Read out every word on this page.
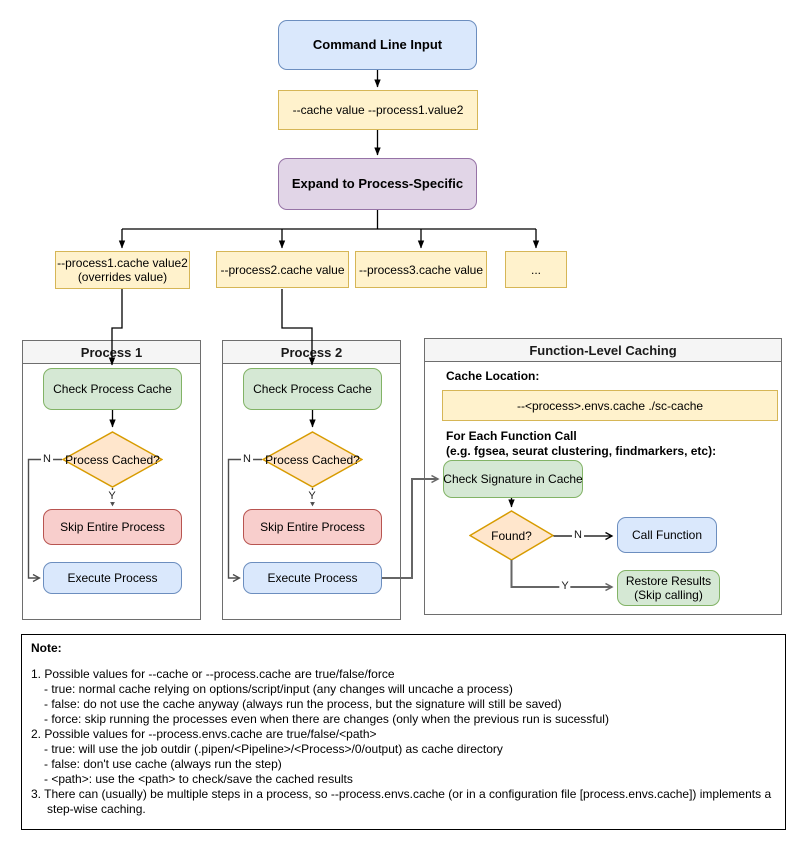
Process 1	Process 2	Function-Level Caching
Command Line Input
--cache value --process1.value2
Expand to Process-Specific
--process1.cache value2
(overrides value)
--process2.cache value	--process3.cache value	...
Check Process Cache
Process Cached?
Skip Entire Process
Execute Process
Check Process Cache
Process Cached?
Skip Entire Process
Execute Process
Cache Location:
--<process>.envs.cache ./sc-cache
For Each Function Call
(e.g. fgsea, seurat clustering, findmarkers, etc):
Check Signature in Cache
Found?	Call Function
Restore Results
(Skip calling)
N
Y
N
Y
N
Y
Note:
1. Possible values for --cache or --process.cache are true/false/force
- true: normal cache relying on options/script/input (any changes will uncache a process)
- false: do not use the cache anyway (always run the process, but the signature will still be saved)
- force: skip running the processes even when there are changes (only when the previous run is sucessful)
2. Possible values for --process.envs.cache are true/false/<path>
- true: will use the job outdir (.pipen/<Pipeline>/<Process>/0/output) as cache directory
- false: don't use cache (always run the step)
- <path>: use the <path> to check/save the cached results
3. There can (usually) be multiple steps in a process, so --process.envs.cache (or in a configuration file [process.envs.cache]) implements a step-wise caching.
